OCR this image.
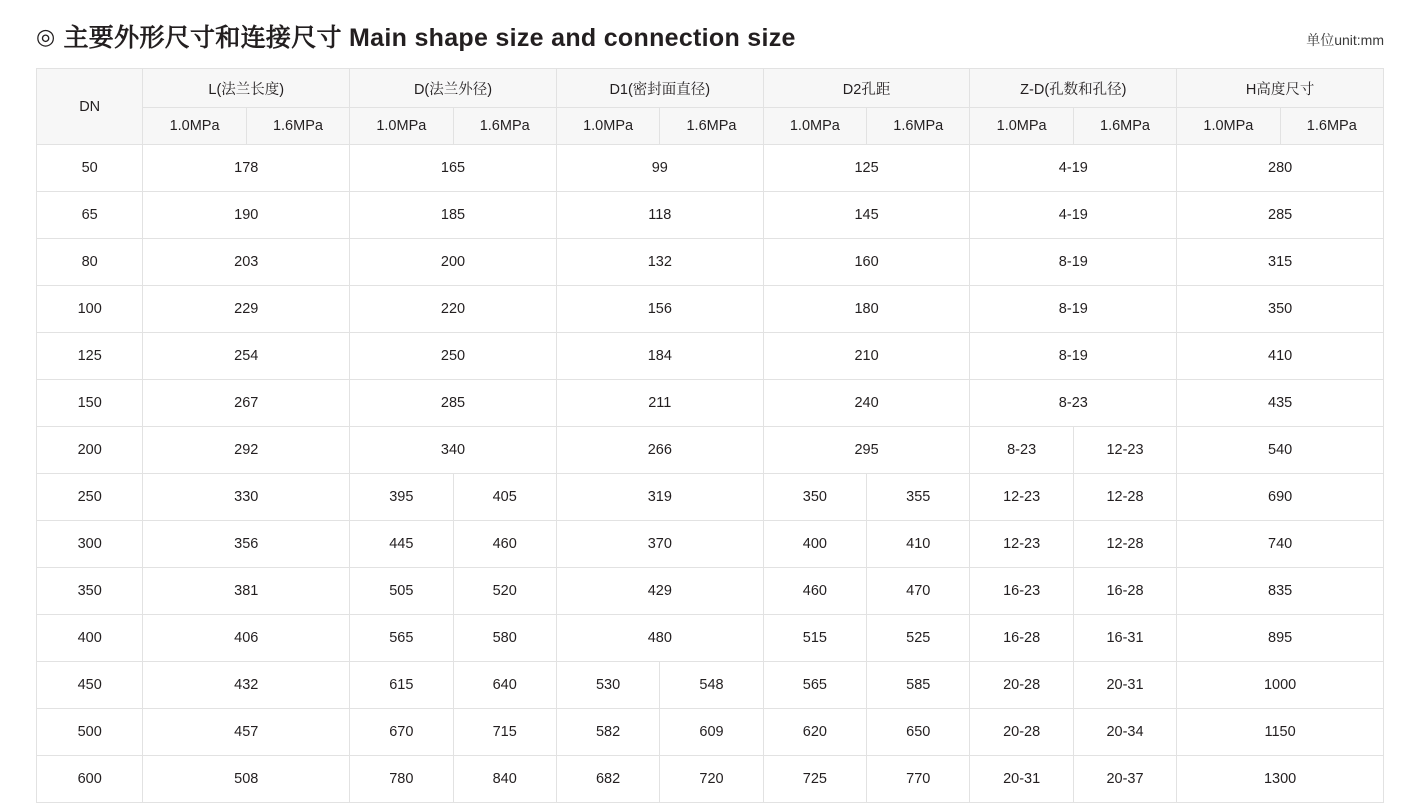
◎ 主要外形尺寸和连接尺寸 Main shape size and connection size	单位unit:mm
DN	L(法兰长度)		D(法兰外径)		D1(密封面直径)		D2孔距		Z-D(孔数和孔径)		H高度尺寸	
	1.0MPa	1.6MPa	1.0MPa	1.6MPa	1.0MPa	1.6MPa	1.0MPa	1.6MPa	1.0MPa	1.6MPa	1.0MPa	1.6MPa
50	178		165		99		125		4-19		280	
65	190		185		118		145		4-19		285	
80	203		200		132		160		8-19		315	
100	229		220		156		180		8-19		350	
125	254		250		184		210		8-19		410	
150	267		285		211		240		8-23		435	
200	292		340		266		295		8-23	12-23	540	
250	330		395	405	319		350	355	12-23	12-28	690	
300	356		445	460	370		400	410	12-23	12-28	740	
350	381		505	520	429		460	470	16-23	16-28	835	
400	406		565	580	480		515	525	16-28	16-31	895	
450	432		615	640	530	548	565	585	20-28	20-31	1000	
500	457		670	715	582	609	620	650	20-28	20-34	1150	
600	508		780	840	682	720	725	770	20-31	20-37	1300	
